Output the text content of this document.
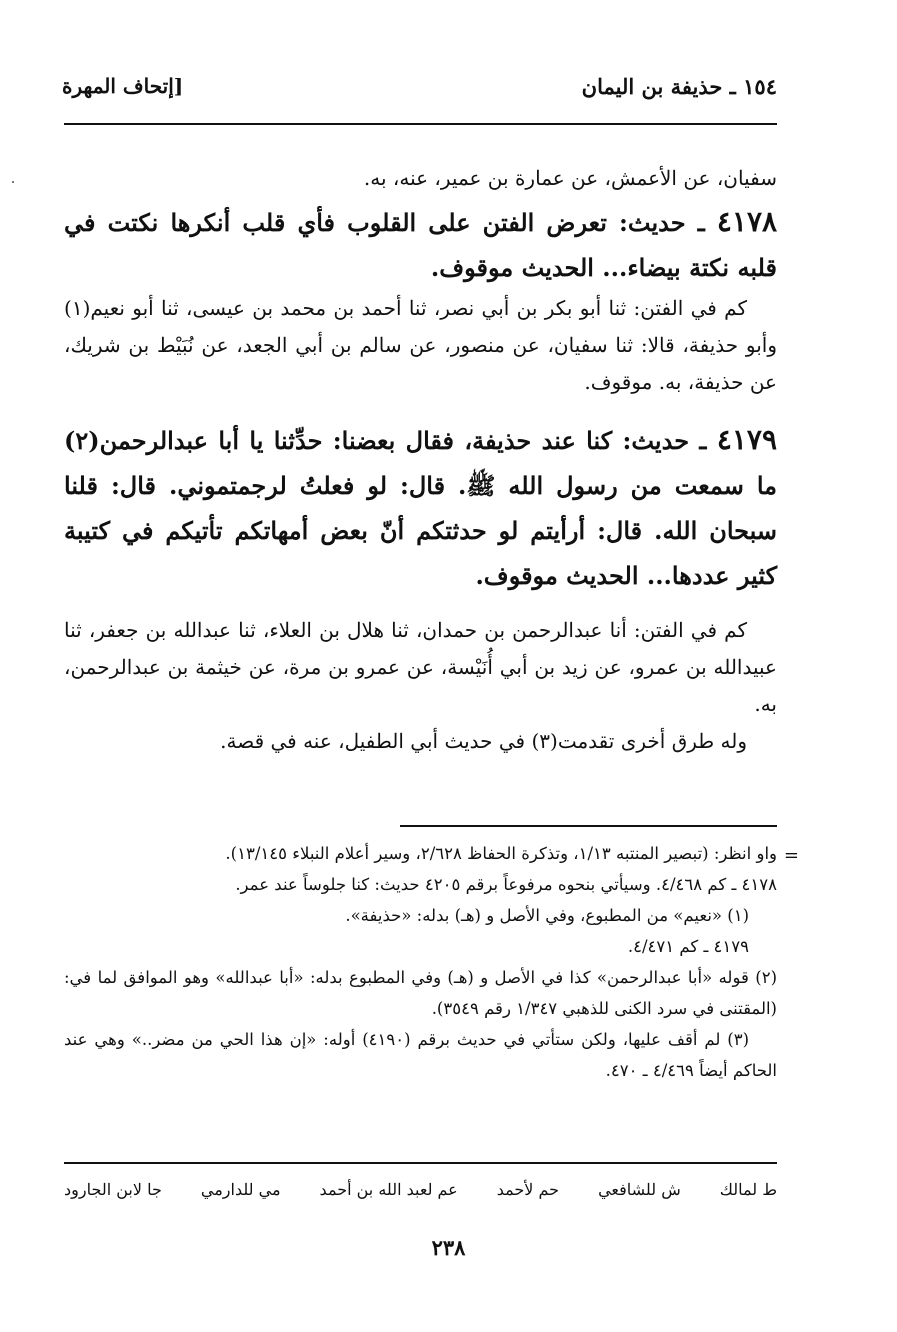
١٥٤ ـ حذيفة بن اليمان
[إتحاف المهرة

سفيان، عن الأعمش، عن عمارة بن عمير، عنه، به.

٤١٧٨ ـ حديث: تعرض الفتن على القلوب فأي قلب أنكرها نكتت في قلبه نكتة بيضاء... الحديث موقوف.

كم في الفتن: ثنا أبو بكر بن أبي نصر، ثنا أحمد بن محمد بن عيسى، ثنا أبو نعيم(١) وأبو حذيفة، قالا: ثنا سفيان، عن منصور، عن سالم بن أبي الجعد، عن نُبَيْط بن شريك، عن حذيفة، به. موقوف.

٤١٧٩ ـ حديث: كنا عند حذيفة، فقال بعضنا: حدِّثنا يا أبا عبدالرحمن(٢) ما سمعت من رسول الله ﷺ. قال: لو فعلتُ لرجمتموني. قال: قلنا سبحان الله. قال: أرأيتم لو حدثتكم أنّ بعض أمهاتكم تأتيكم في كتيبة كثير عددها... الحديث موقوف.

كم في الفتن: أنا عبدالرحمن بن حمدان، ثنا هلال بن العلاء، ثنا عبدالله بن جعفر، ثنا عبيدالله بن عمرو، عن زيد بن أبي أُنَيْسة، عن عمرو بن مرة، عن خيثمة بن عبدالرحمن، به.

وله طرق أخرى تقدمت(٣) في حديث أبي الطفيل، عنه في قصة.

=

واو انظر: (تبصير المنتبه ١/١٣، وتذكرة الحفاظ ٢/٦٢٨، وسير أعلام النبلاء ١٣/١٤٥).

٤١٧٨ ـ كم ٤/٤٦٨. وسيأتي بنحوه مرفوعاً برقم ٤٢٠٥ حديث: كنا جلوساً عند عمر.

(١) «نعيم» من المطبوع، وفي الأصل و (هـ) بدله: «حذيفة».

٤١٧٩ ـ كم ٤/٤٧١.

(٢) قوله «أبا عبدالرحمن» كذا في الأصل و (هـ) وفي المطبوع بدله: «أبا عبدالله» وهو الموافق لما في: (المقتنى في سرد الكنى للذهبي ١/٣٤٧ رقم ٣٥٤٩).

(٣) لم أقف عليها، ولكن ستأتي في حديث برقم (٤١٩٠) أوله: «إن هذا الحي من مضر..» وهي عند الحاكم أيضاً ٤/٤٦٩ ـ ٤٧٠.

ط لمالك
ش للشافعي
حم لأحمد
عم لعبد الله بن أحمد
مي للدارمي
جا لابن الجارود
٢٣٨
